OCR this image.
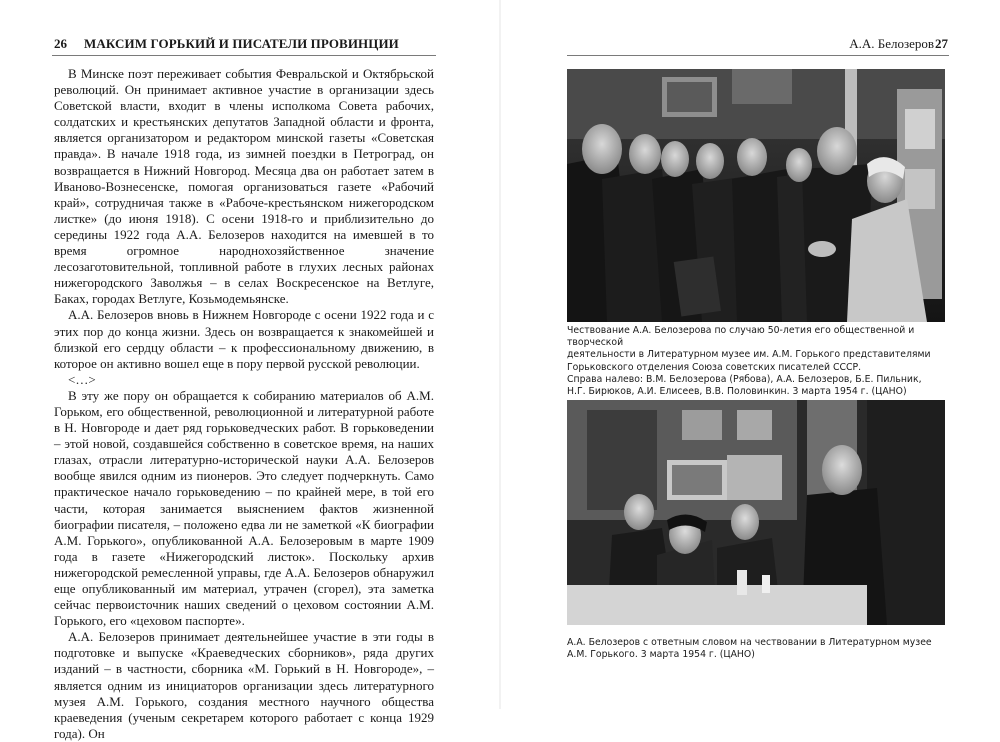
26 МАКСИМ ГОРЬКИЙ И ПИСАТЕЛИ ПРОВИНЦИИ

В Минске поэт переживает события Февральской и Октябрьской революций. Он принимает активное участие в организации здесь Советской власти, входит в члены исполкома Совета рабочих, солдатских и крестьянских депутатов Западной области и фронта, является организатором и редактором минской газеты «Советская правда». В начале 1918 года, из зимней поездки в Петроград, он возвращается в Нижний Новгород. Месяца два он работает затем в Иваново-Вознесенске, помогая организоваться газете «Рабочий край», сотрудничая также в «Рабоче-крестьянском нижегородском листке» (до июня 1918). С осени 1918-го и приблизительно до середины 1922 года А.А. Белозеров находится на имевшей в то время огромное народнохозяйственное значение лесозаготовительной, топливной работе в глухих лесных районах нижегородского Заволжья – в селах Воскресенское на Ветлуге, Баках, городах Ветлуге, Козьмодемьянске.

А.А. Белозеров вновь в Нижнем Новгороде с осени 1922 года и с этих пор до конца жизни. Здесь он возвращается к знакомейшей и близкой его сердцу области – к профессиональному движению, в которое он активно вошел еще в пору первой русской революции.

<…>

В эту же пору он обращается к собиранию материалов об А.М. Горьком, его общественной, революционной и литературной работе в Н. Новгороде и дает ряд горьковедческих работ. В горьковедении – этой новой, создавшейся собственно в советское время, на наших глазах, отрасли литературно-исторической науки А.А. Белозеров вообще явился одним из пионеров. Это следует подчеркнуть. Само практическое начало горьковедению – по крайней мере, в той его части, которая занимается выяснением фактов жизненной биографии писателя, – положено едва ли не заметкой «К биографии А.М. Горького», опубликованной А.А. Белозеровым в марте 1909 года в газете «Нижегородский листок». Поскольку архив нижегородской ремесленной управы, где А.А. Белозеров обнаружил еще опубликованный им материал, утрачен (сгорел), эта заметка сейчас первоисточник наших сведений о цеховом состоянии А.М. Горького, его «цеховом паспорте».

А.А. Белозеров принимает деятельнейшее участие в эти годы в подготовке и выпуске «Краеведческих сборников», ряда других изданий – в частности, сборника «М. Горький в Н. Новгороде», – является одним из инициаторов организации здесь литературного музея А.М. Горького, создания местного научного общества краеведения (ученым секретарем которого работает с конца 1929 года). Он

А.А. Белозеров 27

Чествование А.А. Белозерова по случаю 50-летия его общественной и творческой
деятельности в Литературном музее им. А.М. Горького представителями
Горьковского отделения Союза советских писателей СССР.
Справа налево: В.М. Белозерова (Рябова), А.А. Белозеров, Б.Е. Пильник,
Н.Г. Бирюков, А.И. Елисеев, В.В. Половинкин. 3 марта 1954 г. (ЦАНО)

А.А. Белозеров с ответным словом на чествовании в Литературном музее
А.М. Горького. 3 марта 1954 г. (ЦАНО)
